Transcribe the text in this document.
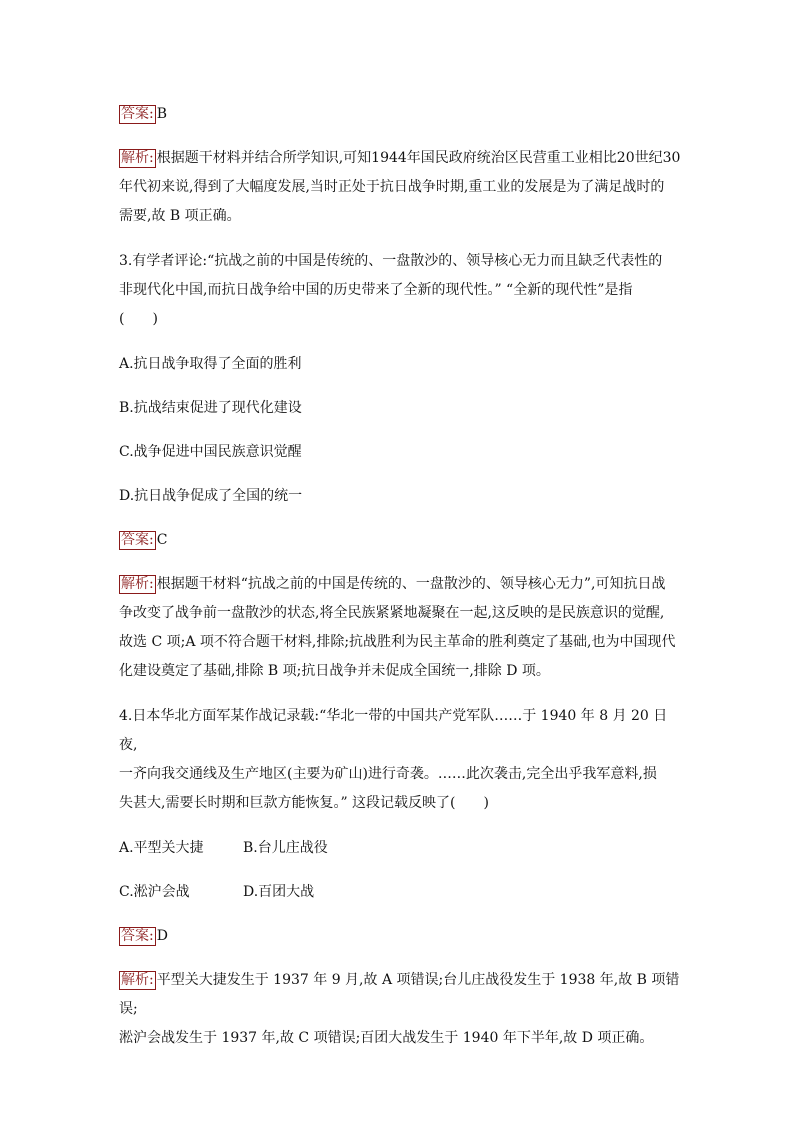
答案: B

解析: 根据题干材料并结合所学知识,可知1944年国民政府统治区民营重工业相比20世纪30

年代初来说,得到了大幅度发展,当时正处于抗日战争时期,重工业的发展是为了满足战时的

需要,故 B 项正确。

3.有学者评论:“抗战之前的中国是传统的、一盘散沙的、领导核心无力而且缺乏代表性的

非现代化中国,而抗日战争给中国的历史带来了全新的现代性。” “全新的现代性”是指

(　　)

A.抗日战争取得了全面的胜利

B.抗战结束促进了现代化建设

C.战争促进中国民族意识觉醒

D.抗日战争促成了全国的统一

答案: C

解析: 根据题干材料“抗战之前的中国是传统的、一盘散沙的、领导核心无力”,可知抗日战

争改变了战争前一盘散沙的状态,将全民族紧紧地凝聚在一起,这反映的是民族意识的觉醒,

故选 C 项;A 项不符合题干材料,排除;抗战胜利为民主革命的胜利奠定了基础,也为中国现代

化建设奠定了基础,排除 B 项;抗日战争并未促成全国统一,排除 D 项。

4.日本华北方面军某作战记录载:“华北一带的中国共产党军队……于 1940 年 8 月 20 日夜,

一齐向我交通线及生产地区(主要为矿山)进行奇袭。……此次袭击,完全出乎我军意料,损

失甚大,需要长时期和巨款方能恢复。” 这段记载反映了(　　)

A.平型关大捷	B.台儿庄战役
C.淞沪会战	D.百团大战

答案: D

解析: 平型关大捷发生于 1937 年 9 月,故 A 项错误;台儿庄战役发生于 1938 年,故 B 项错误;

淞沪会战发生于 1937 年,故 C 项错误;百团大战发生于 1940 年下半年,故 D 项正确。
